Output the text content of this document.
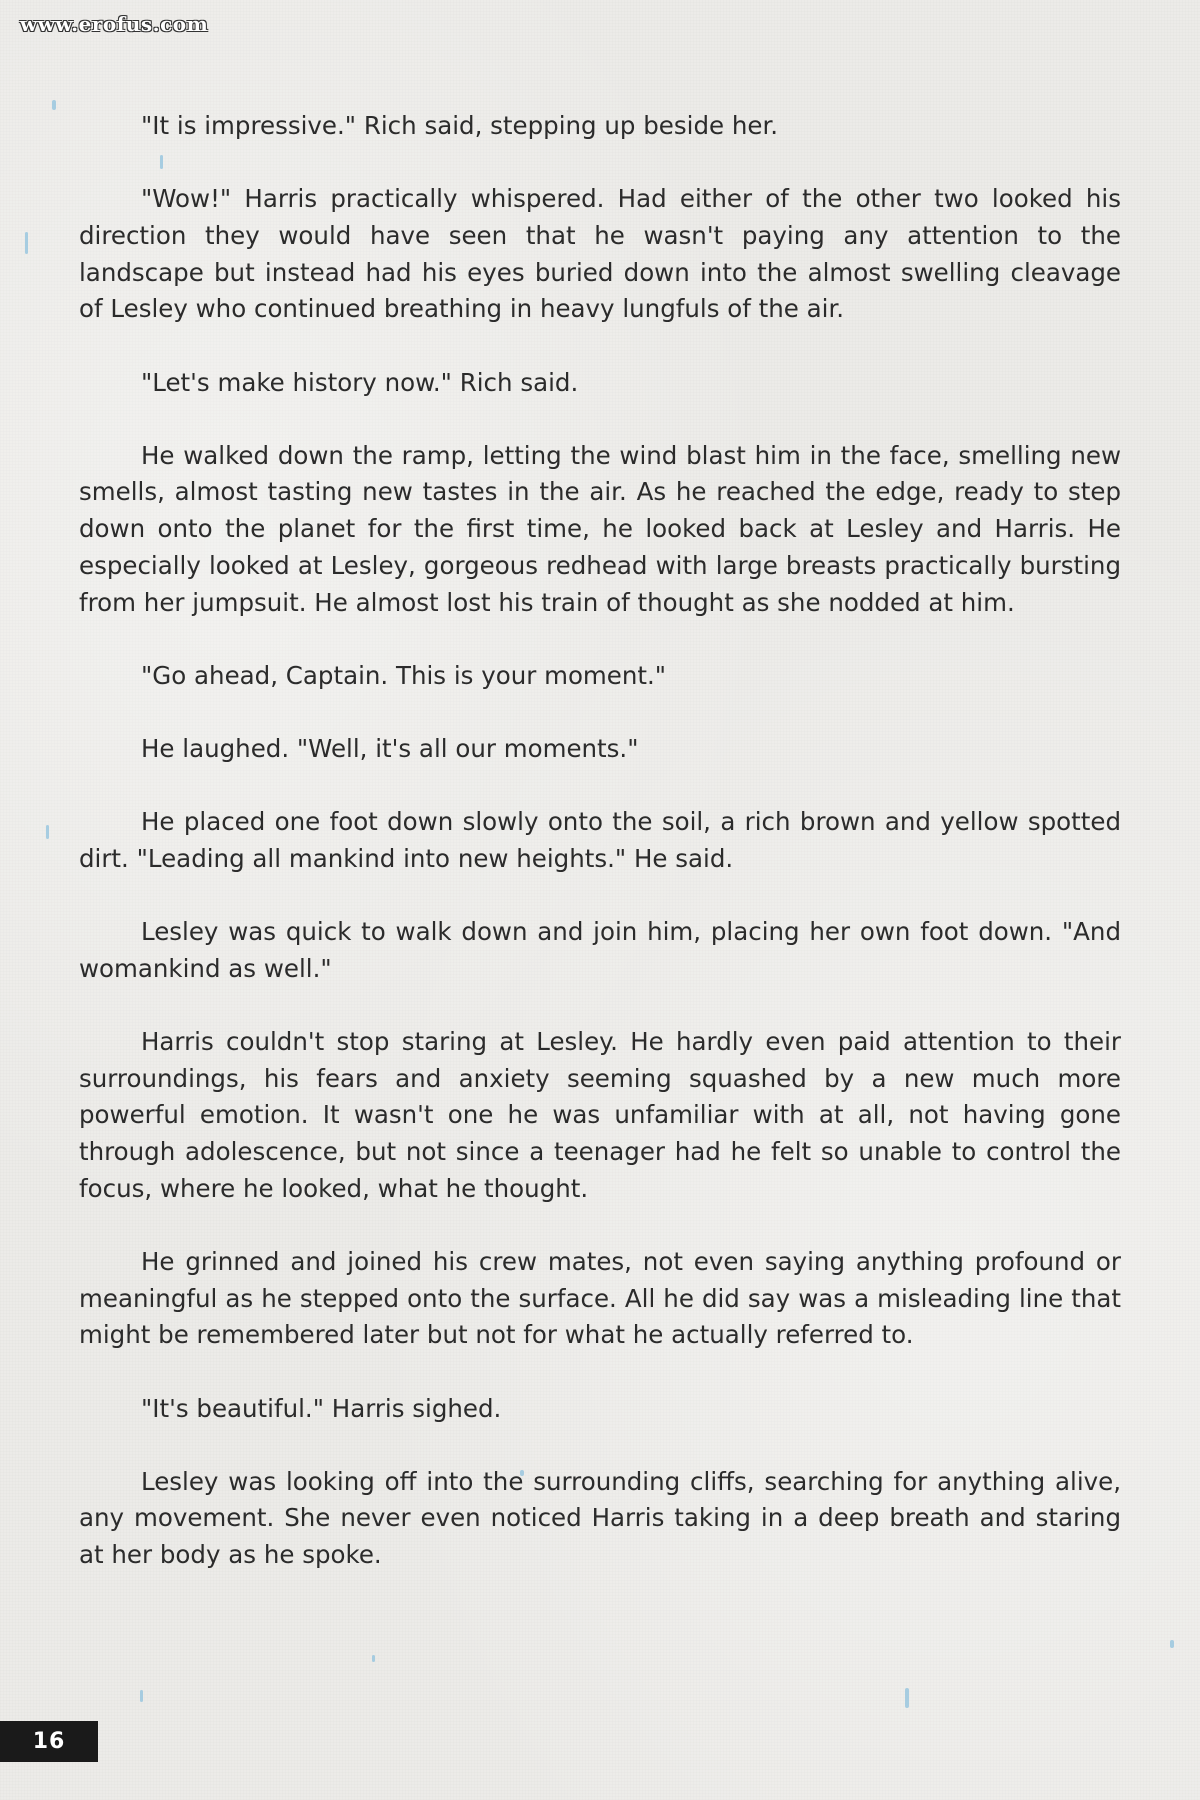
www.erofus.com

"It is impressive." Rich said, stepping up beside her.

"Wow!" Harris practically whispered. Had either of the other two looked his direction they would have seen that he wasn't paying any attention to the landscape but instead had his eyes buried down into the almost swelling cleavage of Lesley who continued breathing in heavy lungfuls of the air.

"Let's make history now." Rich said.

He walked down the ramp, letting the wind blast him in the face, smelling new smells, almost tasting new tastes in the air. As he reached the edge, ready to step down onto the planet for the first time, he looked back at Lesley and Harris. He especially looked at Lesley, gorgeous redhead with large breasts practically bursting from her jumpsuit. He almost lost his train of thought as she nodded at him.

"Go ahead, Captain. This is your moment."

He laughed. "Well, it's all our moments."

He placed one foot down slowly onto the soil, a rich brown and yellow spotted dirt. "Leading all mankind into new heights." He said.

Lesley was quick to walk down and join him, placing her own foot down. "And womankind as well."

Harris couldn't stop staring at Lesley. He hardly even paid attention to their surroundings, his fears and anxiety seeming squashed by a new much more powerful emotion. It wasn't one he was unfamiliar with at all, not having gone through adolescence, but not since a teenager had he felt so unable to control the focus, where he looked, what he thought.

He grinned and joined his crew mates, not even saying anything profound or meaningful as he stepped onto the surface. All he did say was a misleading line that might be remembered later but not for what he actually referred to.

"It's beautiful." Harris sighed.

Lesley was looking off into the surrounding cliffs, searching for anything alive, any movement. She never even noticed Harris taking in a deep breath and staring at her body as he spoke.

16
